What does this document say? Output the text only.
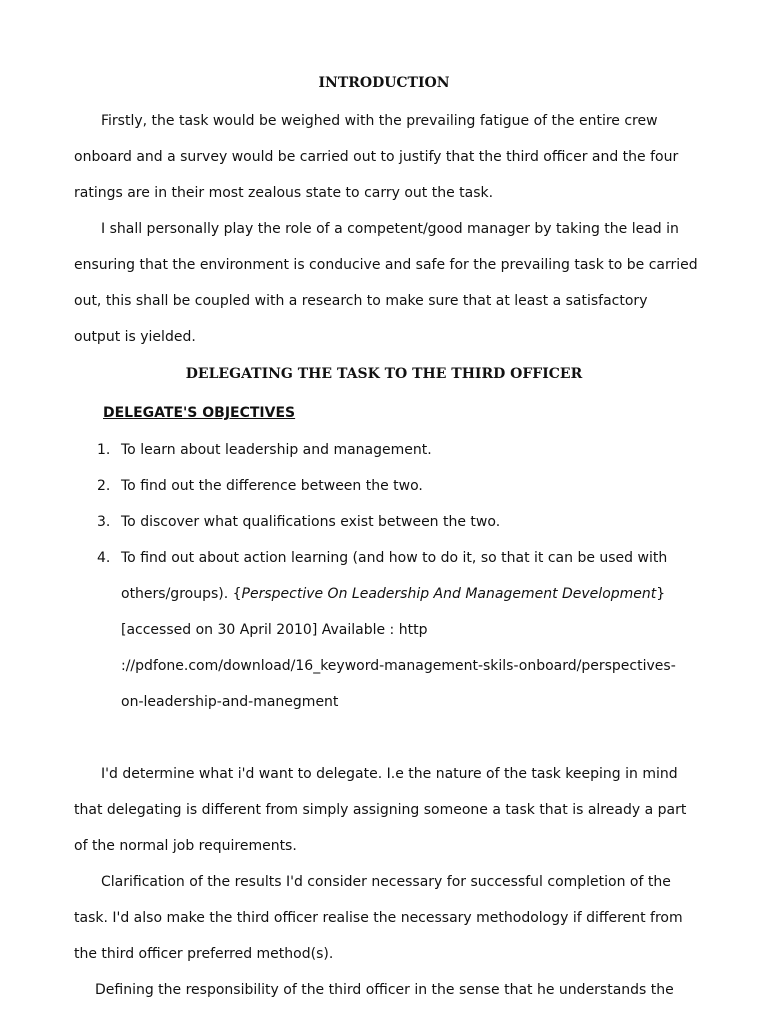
INTRODUCTION

Firstly, the task would be weighed with the prevailing fatigue of the entire crew

onboard and a survey would be carried out to justify that the third officer and the four

ratings are in their most zealous state to carry out the task.

I shall personally play the role of a competent/good manager by taking the lead in

ensuring that the environment is conducive and safe for the prevailing task to be carried

out, this shall be coupled with a research to make sure that at least a satisfactory

output is yielded.

DELEGATING THE TASK TO THE THIRD OFFICER

DELEGATE'S OBJECTIVES

1. To learn about leadership and management.
2. To find out the difference between the two.
3. To discover what qualifications exist between the two.
4. To find out about action learning (and how to do it, so that it can be used with
others/groups). {Perspective On Leadership And Management Development}
[accessed on 30 April 2010] Available : http
://pdfone.com/download/16_keyword-management-skils-onboard/perspectives-
on-leadership-and-manegment

I'd determine what i'd want to delegate. I.e the nature of the task keeping in mind

that delegating is different from simply assigning someone a task that is already a part

of the normal job requirements.

Clarification of the results I'd consider necessary for successful completion of the

task. I'd also make the third officer realise the necessary methodology if different from

the third officer preferred method(s).

Defining the responsibility of the third officer in the sense that he understands the
